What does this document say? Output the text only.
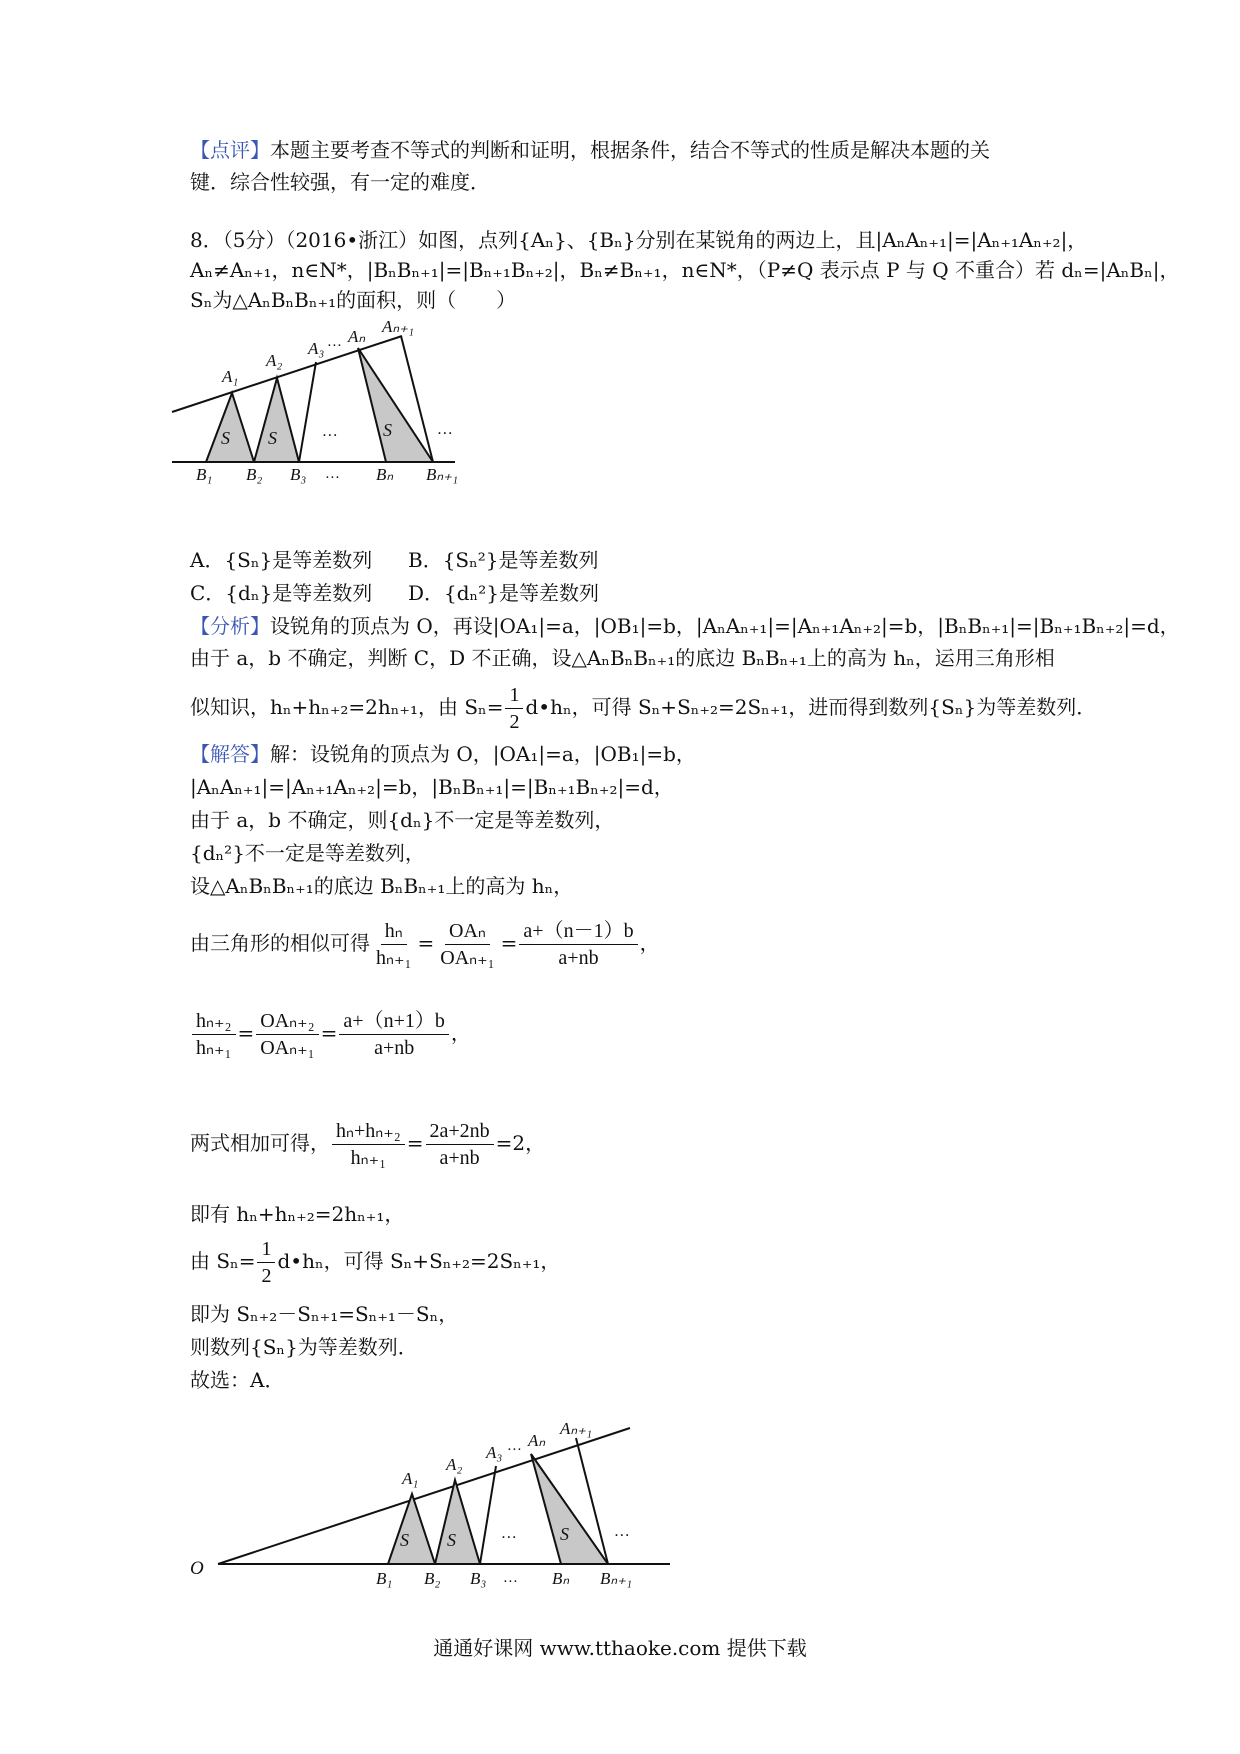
【点评】本题主要考查不等式的判断和证明，根据条件，结合不等式的性质是解决本题的关
键．综合性较强，有一定的难度．
8．（5分）（2016•浙江）如图，点列{Aₙ}、{Bₙ}分别在某锐角的两边上，且|AₙAₙ₊₁|=|Aₙ₊₁Aₙ₊₂|，
Aₙ≠Aₙ₊₁，n∈N*，|BₙBₙ₊₁|=|Bₙ₊₁Bₙ₊₂|，Bₙ≠Bₙ₊₁，n∈N*，（P≠Q 表示点 P 与 Q 不重合）若 dₙ=|AₙBₙ|，
Sₙ为△AₙBₙBₙ₊₁的面积，则（　　）
A₁
A₂
A₃ … Aₙ
Aₙ₊₁
S S	…	S	…
B₁ B₂ B₃ … Bₙ Bₙ₊₁
A．{Sₙ}是等差数列 B．{Sₙ²}是等差数列
C．{dₙ}是等差数列 D．{dₙ²}是等差数列
【分析】设锐角的顶点为 O，再设|OA₁|=a，|OB₁|=b，|AₙAₙ₊₁|=|Aₙ₊₁Aₙ₊₂|=b，|BₙBₙ₊₁|=|Bₙ₊₁Bₙ₊₂|=d，
由于 a，b 不确定，判断 C，D 不正确，设△AₙBₙBₙ₊₁的底边 BₙBₙ₊₁上的高为 hₙ，运用三角形相
似知识，hₙ+hₙ₊₂=2hₙ₊₁，由 $S_n= \frac{1}{2}$ d•hₙ，可得 Sₙ+Sₙ₊₂=2Sₙ₊₁，进而得到数列{Sₙ}为等差数列．
【解答】解：设锐角的顶点为 O，|OA₁|=a，|OB₁|=b，
|AₙAₙ₊₁|=|Aₙ₊₁Aₙ₊₂|=b，|BₙBₙ₊₁|=|Bₙ₊₁Bₙ₊₂|=d，
由于 a，b 不确定，则{dₙ}不一定是等差数列，
{dₙ²}不一定是等差数列，
设△AₙBₙBₙ₊₁的底边 BₙBₙ₊₁上的高为 hₙ，
由三角形的相似可得 $\frac{\text{hₙ}}{\text{hₙ₊₁}} = \frac{\text{OAₙ}}{\text{OAₙ₊₁}} = \frac{a+(n-1)b}{a+nb}$ ，
$\frac{\text{hₙ₊₂}}{\text{hₙ₊₁}} = \frac{\text{OAₙ₊₂}}{\text{OAₙ₊₁}} = \frac{a+(n+1)b}{a+nb}$ ，
两式相加可得， $\frac{\text{hₙ+hₙ₊₂}}{\text{hₙ₊₁}} = \frac{2a+2nb}{a+nb} =2$，
即有 hₙ+hₙ₊₂=2hₙ₊₁，
由 $S_n= \frac{1}{2}$ d•hₙ，可得 Sₙ+Sₙ₊₂=2Sₙ₊₁，
即为 Sₙ₊₂－Sₙ₊₁=Sₙ₊₁－Sₙ，
则数列{Sₙ}为等差数列．
故选：A．
O
A₁
A₂
A₃ … Aₙ
Aₙ₊₁
S S	… S	…
B₁ B₂ B₃ … Bₙ Bₙ₊₁
通通好课网 www.tthaoke.com 提供下载
